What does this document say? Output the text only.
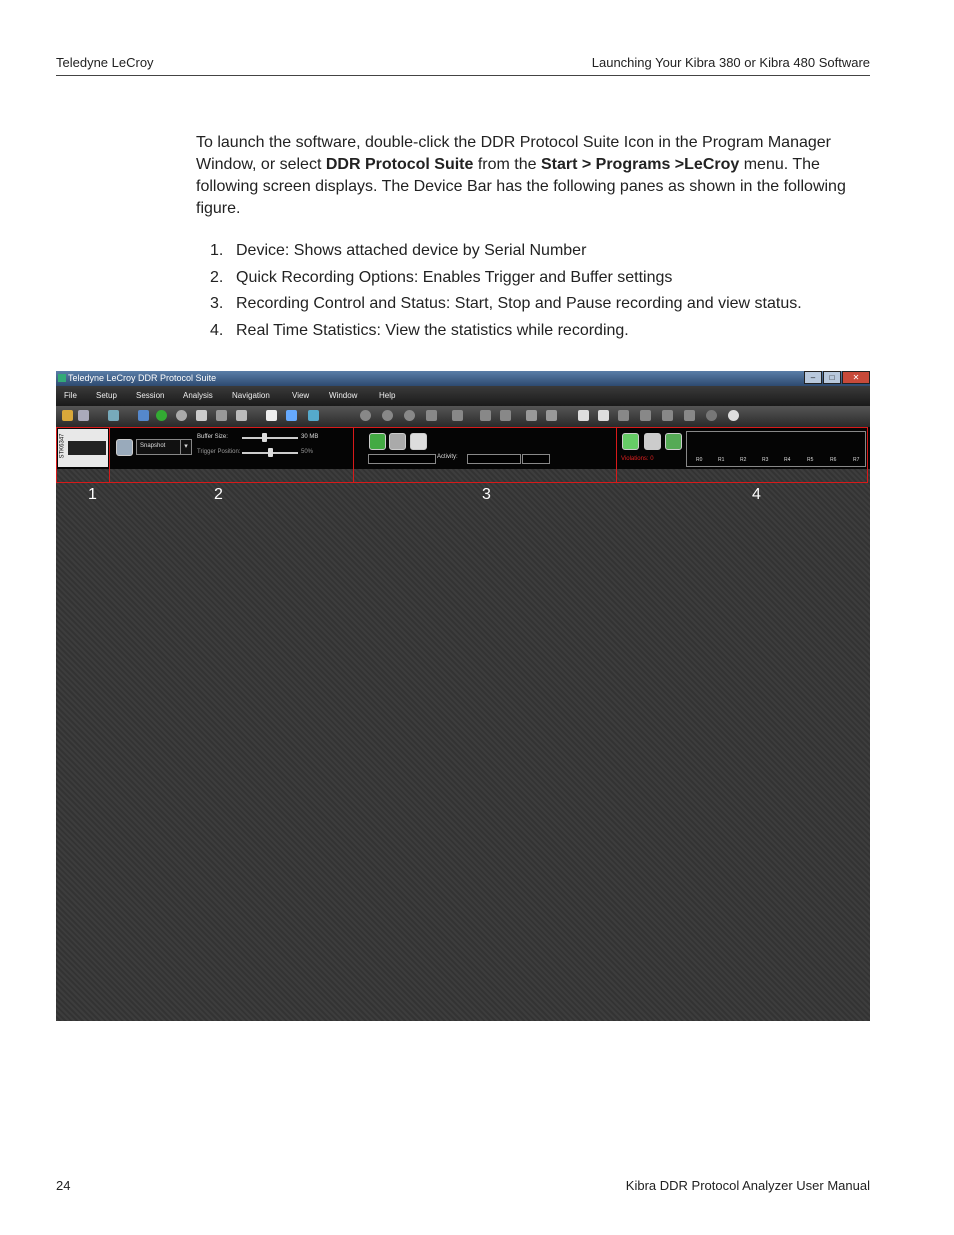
Teledyne LeCroy	Launching Your Kibra 380 or Kibra 480 Software
To launch the software, double-click the DDR Protocol Suite Icon in the Program Manager Window, or select DDR Protocol Suite from the Start > Programs >LeCroy menu. The following screen displays. The Device Bar has the following panes as shown in the following figure.
1. Device: Shows attached device by Serial Number
2. Quick Recording Options: Enables Trigger and Buffer settings
3. Recording Control and Status: Start, Stop and Pause recording and view status.
4. Real Time Statistics: View the statistics while recording.
Teledyne LeCroy DDR Protocol Suite	–	□	✕
File Setup Session Analysis Navigation	View Window	Help
STK6347	Snapshot	▾
Buffer Size:	30 MB
Trigger Position:	50%
Activity:	Violations: 0	R0	R1	R2	R3	R4	R5	R6	R7
1	2	3	4
24	Kibra DDR Protocol Analyzer User Manual
